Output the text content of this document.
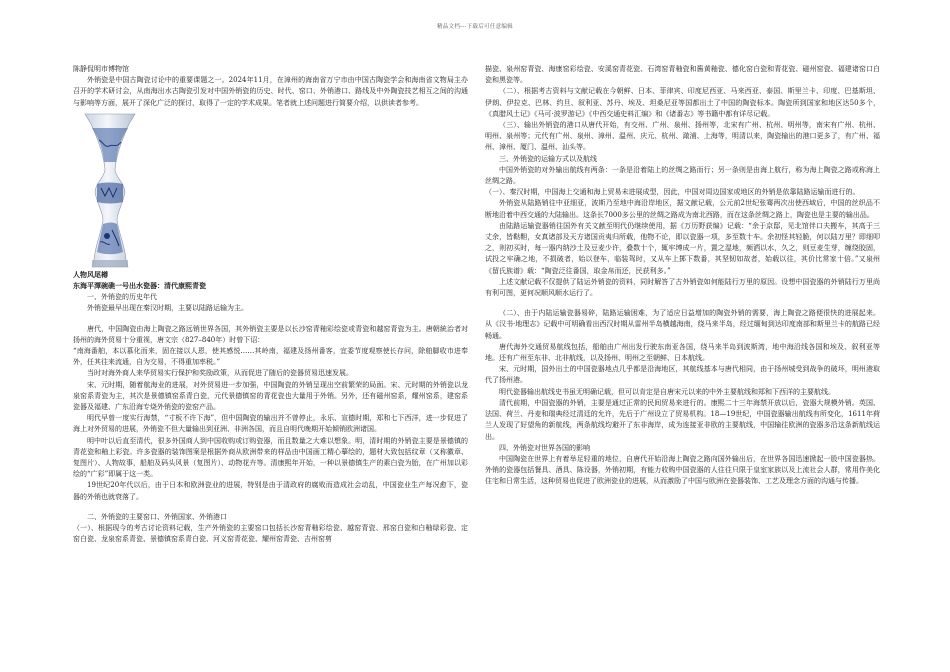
精品文档---下载后可任意编辑

陈静侃明市博物馆

外销瓷是中国古陶瓷讨论中的重要课题之一。2024年11月，在漳州的海南省万宁市由中国古陶瓷学会和海南省文物局主办召开的学术研讨会，从南海出水古陶瓷引发对中国外销瓷的历史、时代、窑口、外销港口、路线及中外陶瓷技艺相互之间的沟通与影响等方面，展开了深化广泛的探讨，取得了一定的学术成果。笔者就上述问题进行简要介绍，以供读者参考。

人物风尾樽

东海平潭碗礁一号出水瓷器：清代康熙青瓷

一、外销瓷的历史年代

外销瓷最早出现在秦汉时期，主要以陆路运输为主。

唐代，中国陶瓷由海上陶瓷之路远销世界各国，其外销瓷主要是以长沙窑青釉彩绘瓷或青瓷和越窑青瓷为主。唐朝統治者对扬州的海外贸易十分重视，唐文宗（827–840年）时曾下诏：

“南海番舶，本以慕化而来，固在接以人恩，使其感悦……其岭南，福建及扬州番客，宜委节度观察使长存问，除舶脚收市进奉外，任其往来流通，自为交易，不得重加率税。”

当时对海外商人来华贸易实行保护和奖励政策，从而促进了随后的瓷器贸易迅速发展。

宋、元时期，随着航海业的进展，对外贸易进一步加强，中国陶瓷的外销呈现出空前繁荣的局面。宋、元时期的外销瓷以龙泉窑系青瓷为主，其次是景德镇窑系青白瓷，元代景德镇窑的青花瓷也大量用于外销。另外，还有磁州窑系，耀州窑系，建窑系瓷器及福建、广东沿海专烧外销瓷的瓷窑产品。

明代早曾一度实行海禁，“寸板不许下海”，但中国陶瓷的输出并不曾停止，永乐、宣德时期，郑和七下西洋，进一步促进了海上对外贸易的进展，外销瓷不但大量输出到亚洲、非洲各国，而且自明代晚期开始倾销欧洲诸国。

明中叶以后直至清代，很多外国商人到中国收购或订购瓷器，而且数量之大难以想象。明，清时期的外销瓷主要是景德镇的青花瓷和釉上彩瓷。许多瓷器的装饰图案是根据外商从欧洲带来的样品由中国画工精心摹绘的，题材大致包括纹章（又称徽章、复图片）、人物故事，船舶及码头风景（复图片）、动物花卉等。清康熙年开始，一种以景德镇生产的素白瓷为胎，在广州加以彩绘的“广彩”即属于这一类。

19世纪20年代以后，由于日本和欧洲瓷业的进展，特别是由于清政府的腐败而造成社会动乱，中国瓷业生产每况愈下，瓷器的外销也就衰落了。

二、外销瓷的主要窑口、外销国家、外销港口

（一）、根据现今的考古讨论资料记载，生产外销瓷的主要窑口包括长沙窑青釉彩绘瓷、越窑青瓷、邢窑白瓷和白釉绿彩瓷、定窑白瓷、龙泉窑系青瓷、景德镇窑系青白瓷、河义窑青花瓷、耀州窑青瓷、吉州窑剪

描瓷、泉州窑青瓷、海康窑彩绘瓷、安溪窑青花瓷、石湾窑青釉瓷和酱黄釉瓷、德化窑白瓷和青花瓷、磁州窑瓷、福建诸窑口白瓷和黑瓷等。

（二）、根据考古资料与文献记载在今朝鲜、日本、菲律宾、印度尼西亚、马来西亚、泰国、斯里兰卡、印度、巴基斯坦、伊朗、伊拉克、巴林、约旦、叙利亚、苏丹、埃及、坦桑尼亚等国都出土了中国的陶瓷标本。陶瓷所到国家和地区达50多个，《真腊风土记》《马可·波罗游记》《中西交通史料汇编》和《诸番志》等书籍中都有详尽记载。

（三）、输出外销瓷的港口从唐代开始，有交州、广州、泉州、扬州等，北宋有广州、杭州、明州等，南宋有广州、杭州、明州、泉州等；元代有广州、泉州、漳州、温州、庆元、杭州、澉浦、上海等，明清以来，陶瓷输出的港口更多了，有广州、福州、漳州、厦门、温州、汕头等。

三、外销瓷的运输方式以及航线

中国外销瓷的对外输出航线有两条：一条是沿着陆上的丝绸之路而行；另一条则是由海上航行，称为海上陶瓷之路或称海上丝绸之路。

（一）、秦汉时期，中国海上交通和海上贸易未进展成型，因此，中国对周边国家或地区的外销是依靠陆路运输而进行的。

外销瓷从陆路销往中亚细亚，波斯乃至地中海沿岸地区，据文献记载，公元前2世纪张骞两次出使西域后，中国的丝织品不断地沿着中西交通的大陆输出。这条长7000多公里的丝绸之路成为南北西路，而在这条丝绸之路上，陶瓷也是主要的输出品。

由陆路运输瓷器销往国外有关文献至明代仍继续使用，据《万历野获编》记载：“余于京邸，见北馆伴口夫搬车，其高于三丈余，皆鞑靼，女真诸部及天方诸国贡夷归所载，他物不论，即以瓷器一项，多至数十车。余初怪其轻脆，何以陆万里？即细叩之，则初买时，每一器内纳沙土及豆麦少许，叠数十个，辄牢缚成一片，置之湿地，频洒以水，久之，则豆麦生芽，缠绕胶固，试投之牢确之地，不损破者，始以登车，临装驾时，又从车上掷下数番，其坚韧如故者，始载以往，其价比常家十倍。”又泉州《留氏族谱》载：“陶瓷泛往番国，取金帛而还，民获利多。”

上述文献记载不仅提供了陆运外销瓷的资料，同时解答了古外销瓷如何能陆行万里的原因。设想中国瓷器的外销陆行万里尚有利可图，更何况顺风顺水运行了。

（二）、由于内陆运输瓷器易碎，陆路运输困难，为了适应日益增加的陶瓷外销的需要，海上陶瓷之路便很快的进展起来。从《汉书·地理志》记载中可明确看出西汉时期从雷州半岛横越海南，绕马来半岛，经过缅甸到达印度南部和斯里兰卡的航路已经畅通。

唐代海外交通贸易航线包括，船舶由广州出发行驶东南亚各国，绕马来半岛到波斯湾，地中海沿线各国和埃及、叙利亚等地。还有广州至东非、北非航线，以及扬州、明州之至朝鲜、日本航线。

宋、元时期，国外出土的中国瓷器地点几乎都是沿海地区，其航线基本与唐代相同，由于扬州城受到战争的破坏，明州港取代了扬州港。

明代瓷器输出航线史书虽无明确记载，但可以肯定是自唐宋元以来的中外主要航线和郑和下西洋的主要航线。

清代前期，中国瓷器的外销，主要是通过正常的民间贸易来进行的。康熙二十三年海禁开放以后，瓷器大规模外销。英国、法国、荷兰、丹麦和瑞典经过清廷的允许，先后于广州设立了贸易机构。18—19世纪，中国瓷器输出航线有所变化，1611年荷兰人发现了好望角的新航线，两条航线均避开了东非海岸，成为连接亚非欧的主要航线，中国输往欧洲的瓷器多沿这条新航线运出。

四、外销瓷对世界各国的影响

中国陶瓷在世界上有着举足轻重的地位，自唐代开始沿海上陶瓷之路向国外输出后，在世界各国迅速掀起一股中国瓷器热。外销的瓷器包括餐具、酒具、陈设器，外销初期，有能力收购中国瓷器的人往往只限于皇室家族以及上流社会人群，常用作美化住宅和日常生活，这种贸易也促进了欧洲瓷业的进展，从而激励了中国与欧洲在瓷器装饰、工艺及理念方面的沟通与传播。
